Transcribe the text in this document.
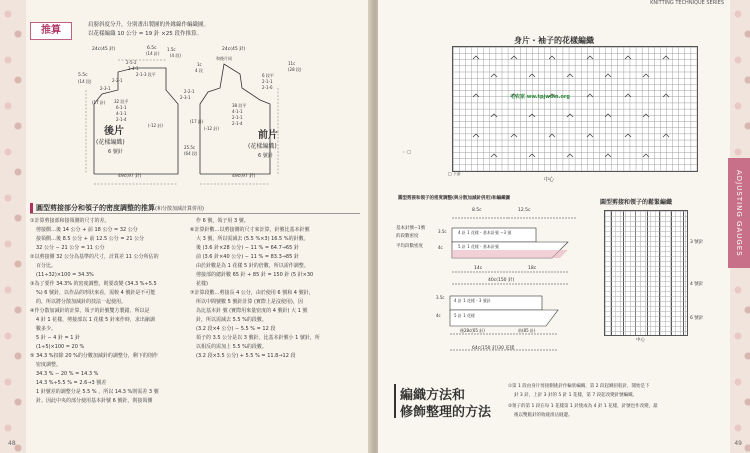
推算	肩膀斜度分升，分別畫出製圖的外緣線作編織圖。
以花樣編織 10 公分 = 19 針 ×25 段作推算。
24c(45 針)	6.5c
(14 針)
1.5c
(4 段)
2-5-2
2-4-1
2-1-3 段平
2-2-1
2-3-1
5.5c
(14 段)
(17 針) 32 段平
6-1-1
4-1-1
2-1-4
(-12 針)
後片
(花樣編織)
6 號針
49c(97 針)
24c(45 針)
和後片同
1c
4 段
6 段平
2-1-1
2-1-6
11c
(28 段)
2-2-1
2-3-1
38 段平
4-1-1
2-1-1
2-1-4
(17 針)
(-12 針)
25.5c
(64 段)
前片
(花樣編織)
6 號針
49c(97 針)
圓型剪接部分和領子的密度調整的推算(和分散加減計算併用)
①計算剪接部和接領側的尺寸的差。
剪接側…後 14 公分 + 前 18 公分 = 32 公分
接領側…後 8.5 公分 + 前 12.5 公分 = 21 公分
32 公分 − 21 公分 = 11 公分
②以剪接側 32 公分為基準的尺寸，計算差 11 公分所佔的
百分比。
(11÷32)×100 = 34.3%
③為了要作 34.3% 的密度調整，則要改變 (34.3 %÷5.5
%) 6 號針，以作品的形狀來看，需較 4 號針是不可能
的，所以將分散加減針的技法一起使用。
④作分散加減針的計算，領子的針號雙方製錯，所以是
4 針 1 花樣，剪接部以 1 花樣 5 針來作時，求出縮調
數多少。
5 針 − 4 針 = 1 針
(1÷5)×100 = 20 %
⑤ 34.3 %扣除 20 %的分數加減針的調整分，剩下的則作
密度調整。
34.3 % − 20 % = 14.3 %
14.3 %÷5.5 % = 2.6→3 號差
1 針號差的調整分是 5.5 % ，所以 14.3 %則需差 3 號
針。因此中央的部分使用基本針號 6 號針，則接領側
作 6 號，領子用 3 號。
⑥計算針數…以剪接側的尺寸來計算，針號比基本針號
大 3 號，所以需減去 (5.5 %×3) 16.5 %的針數。
後 (3.6 針×28 公分) − 11 % = 64.7→65 針
前 (3.6 針×40 公分) − 11 % = 83.3→85 針
由於針數是為 1 花樣 5 針的倍數，所以需作調整。
剪接部的總針數 65 針 + 85 針 = 150 針 (5 針×30
花樣)
⑦計算段數…剪接長 4 公分，由於使用 6 號和 4 號針，
所以中間號數 5 號針計算 (實際上是沒使用)，因
為比基本針 號 (實際用來量密度的 4 號針) 大 1 號
針，所以需減去 5.5 %的段數。
(3.2 段×4 公分) − 5.5 % = 12 段
領子的 3.5 公分是以 3 號針，比基本針號小 1 號針，所
以相反的需加上 5.5 %的段數。
(3.2 段×3.5 公分) + 5.5 % = 11.8→12 段
48
KNITTING TECHNIQUE SERIES
ADJUSTING GAUGES
身片・袖子的花樣編織
＝ □
□ 下針
中心
毛衣家 ww.tpjwoin.org
圓型剪接和領子的密度調整(與分散加減針併用)和編織圖
圓型剪接和領子的鬆緊編織
8.5c	12.5c
基本針號−1號
的段數密度
平均段數密度
4 針 1 花樣・基本針號 −3 號
5 針 1 花樣・基本針號
3.5c
4c
14c	18c
40c(150 針)
3.5c
4c
4 針 1 花樣・3 號針
5 針 1 花樣
後28c(65 針)	前(85 針)
64c(150 針)30 花樣
3 號針
4 號針
6 號針
中心
編織方法和
修飾整理的方法
①第 1 段由身片剪接側挑針作輪狀編織，第 2 段起織扭般針，開始是下
針 3 針，上針 3 針的 5 針 1 花樣，第 7 段起改變針號編織。
②領子的第 1 段在每 1 花樣第 1 針使成為 4 針 1 花樣，針號也作改變，最
後以雙鬆針的收縫滑沾縫邊。
49
